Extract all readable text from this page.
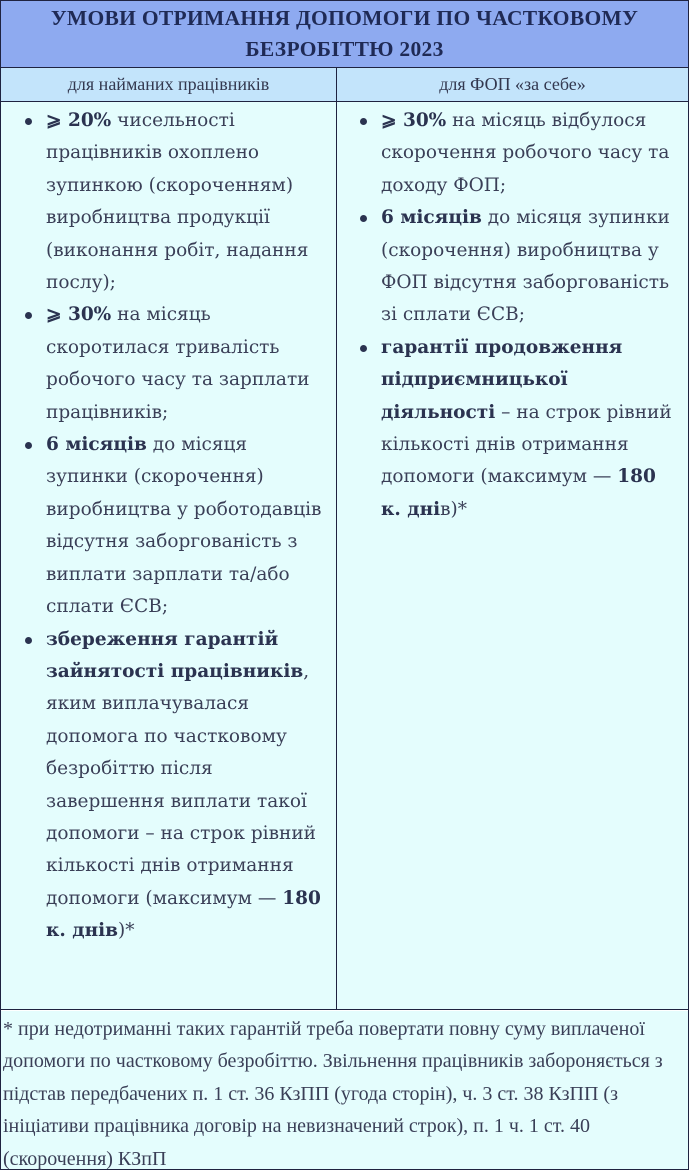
УМОВИ ОТРИМАННЯ ДОПОМОГИ ПО ЧАСТКОВОМУ БЕЗРОБІТТЮ 2023
для найманих працівників	для ФОП «за себе»
⩾ 20% чисельності працівників охоплено зупинкою (скороченням) виробництва продукції (виконання робіт, надання послу);
⩾ 30% на місяць скоротилася тривалість робочого часу та зарплати працівників;
6 місяців до місяця зупинки (скорочення) виробництва у роботодавців відсутня заборгованість з виплати зарплати та/або сплати ЄСВ;
збереження гарантій зайнятості працівників, яким виплачувалася допомога по частковому безробіттю після завершення виплати такої допомоги – на строк рівний кількості днів отримання допомоги (максимум — 180 к. днів)*
⩾ 30% на місяць відбулося скорочення робочого часу та доходу ФОП;
6 місяців до місяця зупинки (скорочення) виробництва у ФОП відсутня заборгованість зі сплати ЄСВ;
гарантії продовження підприємницької діяльності – на строк рівний кількості днів отримання допомоги (максимум — 180 к. днів)*
* при недотриманні таких гарантій треба повертати повну суму виплаченої допомоги по частковому безробіттю. Звільнення працівників забороняється з підстав передбачених п. 1 ст. 36 КзПП (угода сторін), ч. 3 ст. 38 КзПП (з ініціативи працівника договір на невизначений строк), п. 1 ч. 1 ст. 40 (скорочення) КЗпП
